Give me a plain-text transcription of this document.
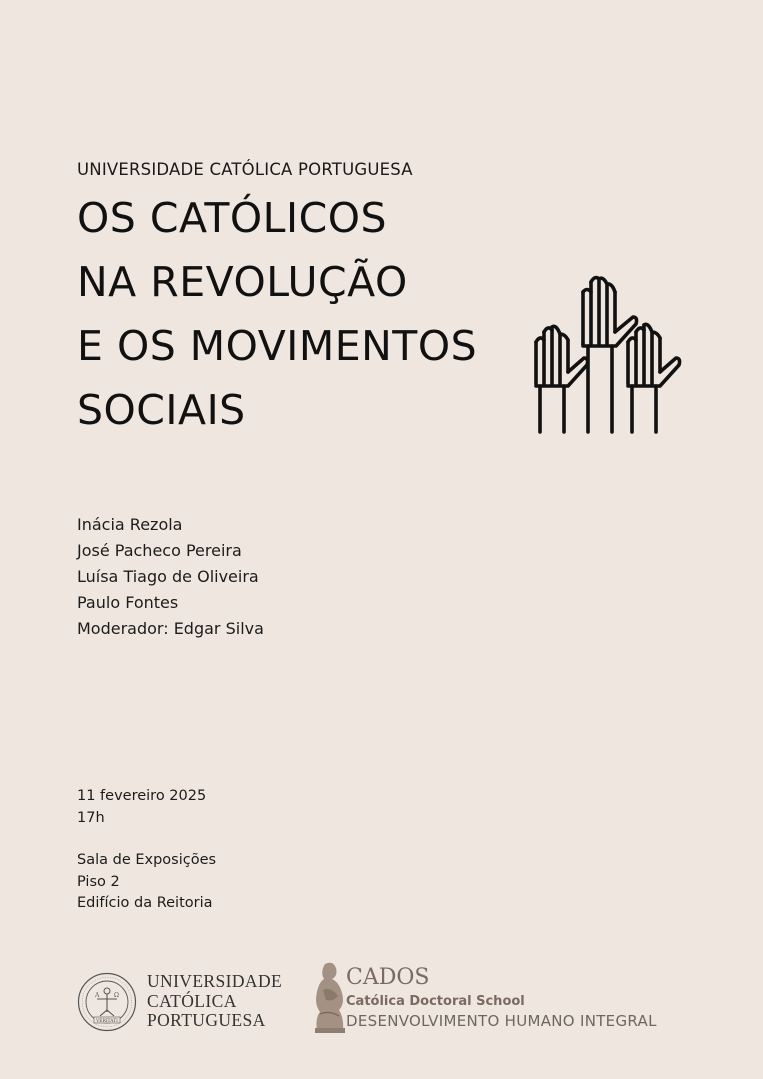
UNIVERSIDADE CATÓLICA PORTUGUESA
OS CATÓLICOS
NA REVOLUÇÃO
E OS MOVIMENTOS
SOCIAIS
Inácia Rezola
José Pacheco Pereira
Luísa Tiago de Oliveira
Paulo Fontes
Moderador: Edgar Silva
11 fevereiro 2025
17h
Sala de Exposições
Piso 2
Edifício da Reitoria
A Ω
VERITATI
UNIVERSIDADE
CATÓLICA
PORTUGUESA
CADOS
Católica Doctoral School
DESENVOLVIMENTO HUMANO INTEGRAL
